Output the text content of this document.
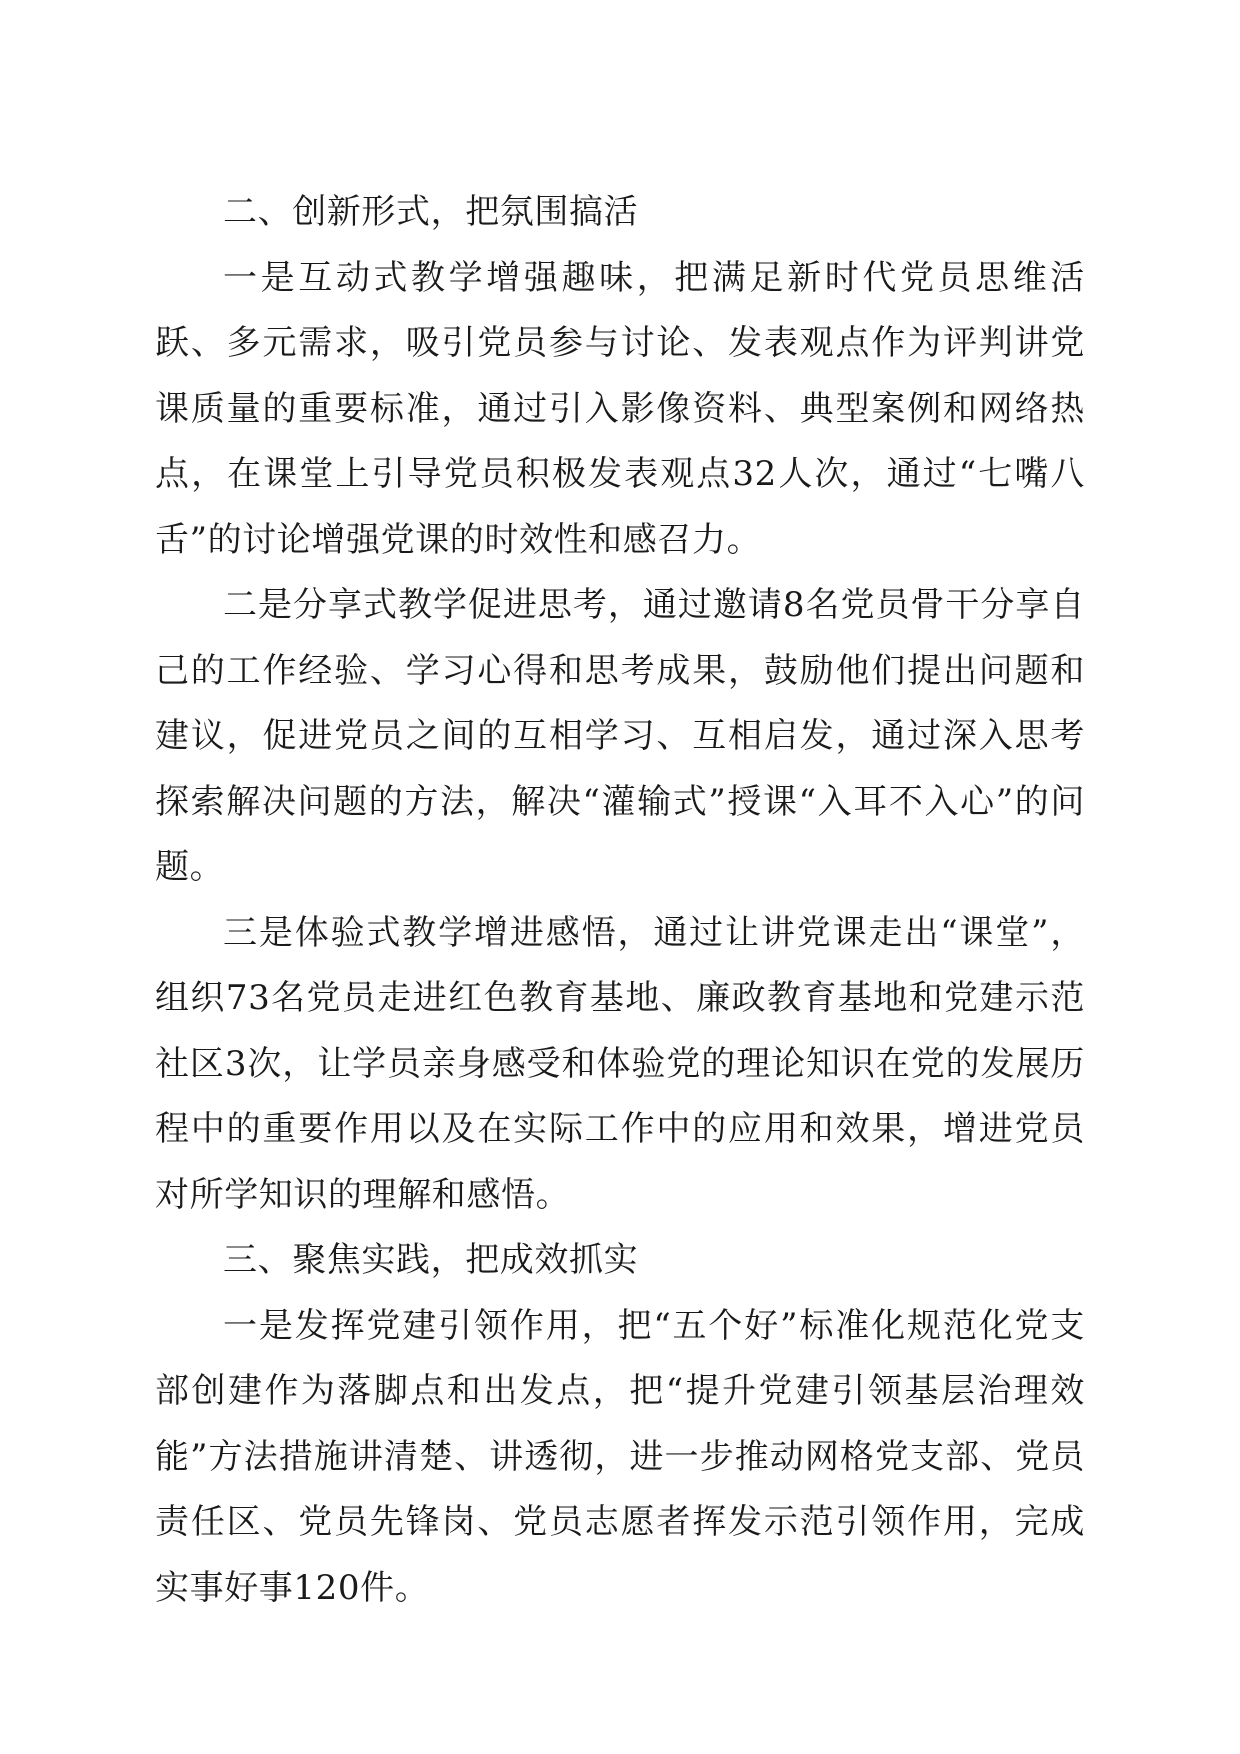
二、创新形式，把氛围搞活

一是互动式教学增强趣味，把满足新时代党员思维活跃、多元需求，吸引党员参与讨论、发表观点作为评判讲党课质量的重要标准，通过引入影像资料、典型案例和网络热点，在课堂上引导党员积极发表观点32人次，通过“七嘴八舌”的讨论增强党课的时效性和感召力。

二是分享式教学促进思考，通过邀请8名党员骨干分享自己的工作经验、学习心得和思考成果，鼓励他们提出问题和建议，促进党员之间的互相学习、互相启发，通过深入思考探索解决问题的方法，解决“灌输式”授课“入耳不入心”的问题。

三是体验式教学增进感悟，通过让讲党课走出“课堂”，组织73名党员走进红色教育基地、廉政教育基地和党建示范社区3次，让学员亲身感受和体验党的理论知识在党的发展历程中的重要作用以及在实际工作中的应用和效果，增进党员对所学知识的理解和感悟。

三、聚焦实践，把成效抓实

一是发挥党建引领作用，把“五个好”标准化规范化党支部创建作为落脚点和出发点，把“提升党建引领基层治理效能”方法措施讲清楚、讲透彻，进一步推动网格党支部、党员责任区、党员先锋岗、党员志愿者挥发示范引领作用，完成实事好事120件。
